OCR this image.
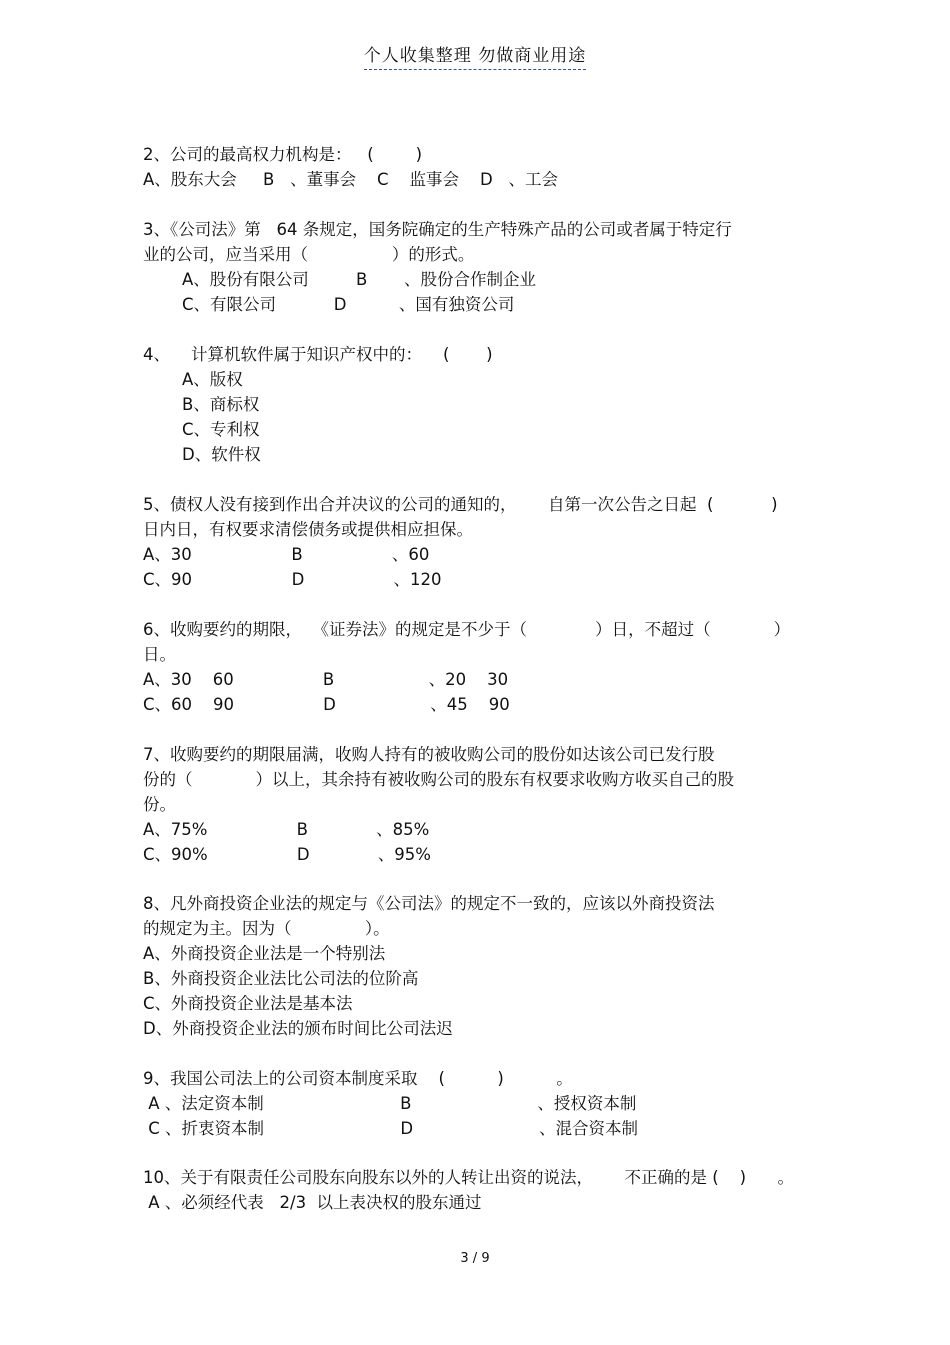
个人收集整理 勿做商业用途
2、公司的最高权力机构是：   (        )
A、股东大会     B   、董事会    C    监事会    D   、工会
3、《公司法》第   64 条规定，国务院确定的生产特殊产品的公司或者属于特定行
业的公司，应当采用（                ）的形式。
A、股份有限公司         B       、股份合作制企业
C、有限公司           D          、国有独资公司
4、    计算机软件属于知识产权中的：    (       )
A、版权
B、商标权
C、专利权
D、软件权
5、债权人没有接到作出合并决议的公司的通知的，      自第一次公告之日起  (           )
日内日，有权要求清偿债务或提供相应担保。
A、30                   B                 、60
C、90                   D                 、120
6、收购要约的期限，  《证券法》的规定是不少于（             ）日，不超过（            ）
日。
A、30    60                 B                  、20    30
C、60    90                 D                  、45    90
7、收购要约的期限届满，收购人持有的被收购公司的股份如达该公司已发行股
份的（            ）以上，其余持有被收购公司的股东有权要求收购方收买自己的股
份。
A、75%                 B             、85%
C、90%                 D             、95%
8、凡外商投资企业法的规定与《公司法》的规定不一致的，应该以外商投资法
的规定为主。因为（              ）。
A、外商投资企业法是一个特别法
B、外商投资企业法比公司法的位阶高
C、外商投资企业法是基本法
D、外商投资企业法的颁布时间比公司法迟
9、我国公司法上的公司资本制度采取    (          )          。
A 、法定资本制                          B                        、授权资本制
C 、折衷资本制                          D                        、混合资本制
10、关于有限责任公司股东向股东以外的人转让出资的说法，      不正确的是 (    )      。
A 、必须经代表   2/3  以上表决权的股东通过
3 / 9
